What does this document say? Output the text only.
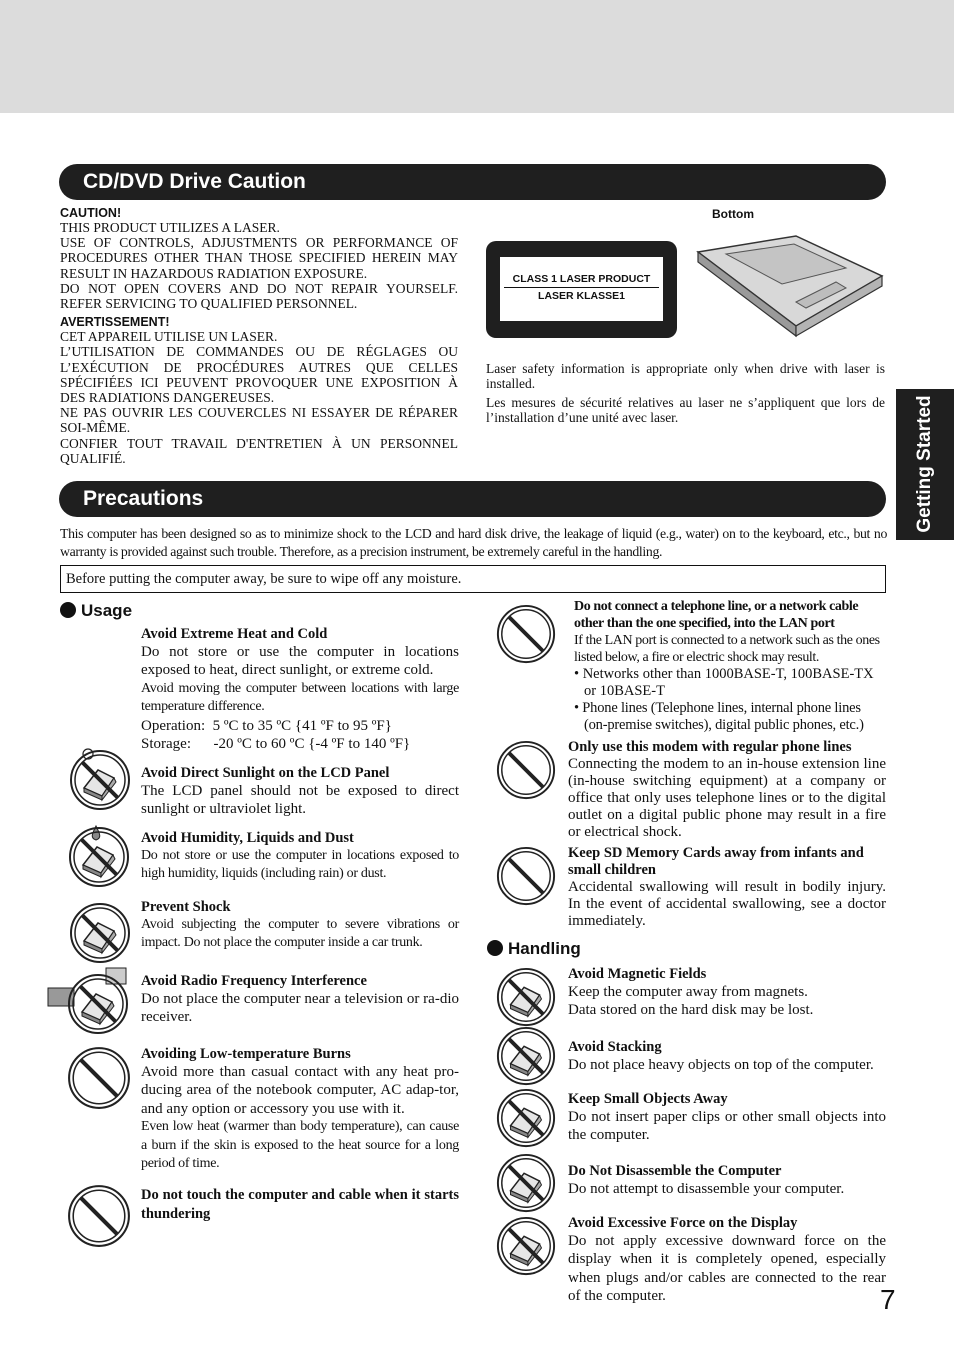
Getting Started
CD/DVD Drive Caution
CAUTION!
THIS PRODUCT UTILIZES A LASER.
USE OF CONTROLS, ADJUSTMENTS OR PERFORMANCE OF PROCEDURES OTHER THAN THOSE SPECIFIED HEREIN MAY RESULT IN HAZARDOUS RADIATION EXPOSURE.
DO NOT OPEN COVERS AND DO NOT REPAIR YOURSELF. REFER SERVICING TO QUALIFIED PERSONNEL.
AVERTISSEMENT!
CET APPAREIL UTILISE UN LASER.
L’UTILISATION DE COMMANDES OU DE RÉGLAGES OU L’EXÉCUTION DE PROCÉDURES AUTRES QUE CELLES SPÉCIFIÉES ICI PEUVENT PROVOQUER UNE EXPOSITION À DES RADIATIONS DANGEREUSES.
NE PAS OUVRIR LES COUVERCLES NI ESSAYER DE RÉPARER SOI-MÊME.
CONFIER TOUT TRAVAIL D'ENTRETIEN À UN PERSONNEL QUALIFIÉ.
Bottom
CLASS 1 LASER PRODUCT
LASER KLASSE1
Laser safety information is appropriate only when drive with laser is installed.
Les mesures de sécurité relatives au laser ne s’appliquent que lors de l’installation d’une unité avec laser.
Precautions
This computer has been designed so as to minimize shock to the LCD and hard disk drive, the leakage of liquid (e.g., water) on to the keyboard, etc., but no warranty is provided against such trouble. Therefore, as a precision instrument, be extremely careful in the handling.
Before putting the computer away, be sure to wipe off any moisture.
Usage
Avoid Extreme Heat and Cold
Do not store or use the computer in locations exposed to heat, direct sunlight, or extreme cold.
Avoid moving the computer between locations with large temperature difference.
Operation:  5 ºC to 35 ºC {41 ºF to 95 ºF}
Storage:      -20 ºC to 60 ºC {-4 ºF to 140 ºF}
Avoid Direct Sunlight on the LCD Panel
The LCD panel should not be exposed to direct sunlight or ultraviolet light.
Avoid Humidity, Liquids and Dust
Do not store or use the computer in locations exposed to high humidity, liquids (including rain) or dust.
Prevent Shock
Avoid subjecting the computer to severe vibrations or impact. Do not place the computer inside a car trunk.
Avoid Radio Frequency Interference
Do not place the computer near a television or ra-dio receiver.
Avoiding Low-temperature Burns
Avoid more than casual contact with any heat pro-ducing area of the notebook computer, AC adap-tor, and any option or accessory you use with it.
Even low heat (warmer than body temperature), can cause a burn if the skin is exposed to the heat source for a long period of time.
Do not touch the computer and cable when it starts thundering
Do not connect a telephone line, or a network cable other than the one specified, into the LAN port
If the LAN port is connected to a network such as the ones listed below, a fire or electric shock may result.
• Networks other than 1000BASE-T, 100BASE-TX or 10BASE-T
• Phone lines (Telephone lines, internal phone lines (on-premise switches), digital public phones, etc.)
Only use this modem with regular phone lines
Connecting the modem to an in-house extension line (in-house switching equipment) at a company or office that only uses telephone lines or to the digital outlet on a digital public phone may result in a fire or electrical shock.
Keep SD Memory Cards away from infants and small children
Accidental swallowing will result in bodily injury. In the event of accidental swallowing, see a doctor immediately.
Handling
Avoid Magnetic Fields
Keep the computer away from magnets.
Data stored on the hard disk may be lost.
Avoid Stacking
Do not place heavy objects on top of the computer.
Keep Small Objects Away
Do not insert paper clips or other small objects into the computer.
Do Not Disassemble the Computer
Do not attempt to disassemble your computer.
Avoid Excessive Force on the Display
Do not apply excessive downward force on the display when it is completely opened, especially when plugs and/or cables are connected to the rear of the computer.	7
